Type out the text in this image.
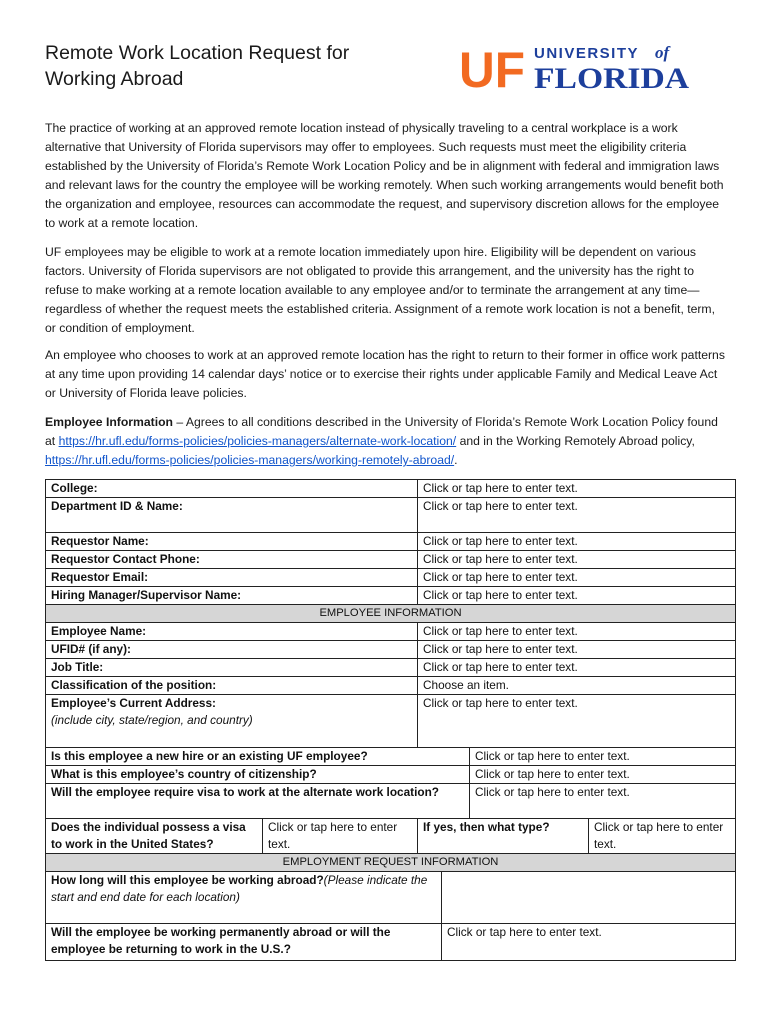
Remote Work Location Request for
Working Abroad	UF UNIVERSITY of
FLORIDA

The practice of working at an approved remote location instead of physically traveling to a central workplace is a work alternative that University of Florida supervisors may offer to employees. Such requests must meet the eligibility criteria established by the University of Florida’s Remote Work Location Policy and be in alignment with federal and immigration laws and relevant laws for the country the employee will be working remotely. When such working arrangements would benefit both the organization and employee, resources can accommodate the request, and supervisory discretion allows for the employee to work at a remote location.

UF employees may be eligible to work at a remote location immediately upon hire. Eligibility will be dependent on various factors. University of Florida supervisors are not obligated to provide this arrangement, and the university has the right to refuse to make working at a remote location available to any employee and/or to terminate the arrangement at any time—regardless of whether the request meets the established criteria. Assignment of a remote work location is not a benefit, term, or condition of employment.

An employee who chooses to work at an approved remote location has the right to return to their former in office work patterns at any time upon providing 14 calendar days’ notice or to exercise their rights under applicable Family and Medical Leave Act or University of Florida leave policies.

Employee Information – Agrees to all conditions described in the University of Florida’s Remote Work Location Policy found at https://hr.ufl.edu/forms-policies/policies-managers/alternate-work-location/ and in the Working Remotely Abroad policy, https://hr.ufl.edu/forms-policies/policies-managers/working-remotely-abroad/.

College:		Click or tap here to enter text.			
Department ID & Name:		Click or tap here to enter text.			
Requestor Name:		Click or tap here to enter text.			
Requestor Contact Phone:		Click or tap here to enter text.			
Requestor Email:		Click or tap here to enter text.			
Hiring Manager/Supervisor Name:		Click or tap here to enter text.			
EMPLOYEE INFORMATION					
Employee Name:		Click or tap here to enter text.			
UFID# (if any):		Click or tap here to enter text.			
Job Title:		Click or tap here to enter text.			
Classification of the position:		Choose an item.			

Employee’s Current Address:
(include city, state/region, and country)		Click or tap here to enter text.			
Is this employee a new hire or an existing UF employee?				Click or tap here to enter text.	
What is this employee’s country of citizenship?				Click or tap here to enter text.	
Will the employee require visa to work at the alternate work location?				Click or tap here to enter text.	
Does the individual possess a visa to work in the United States?	Click or tap here to enter text.	If yes, then what type?			Click or tap here to enter text.
EMPLOYMENT REQUEST INFORMATION					
How long will this employee be working abroad?(Please indicate the start and end date for each location)					
Will the employee be working permanently abroad or will the employee be returning to work in the U.S.?			Click or tap here to enter text.		
